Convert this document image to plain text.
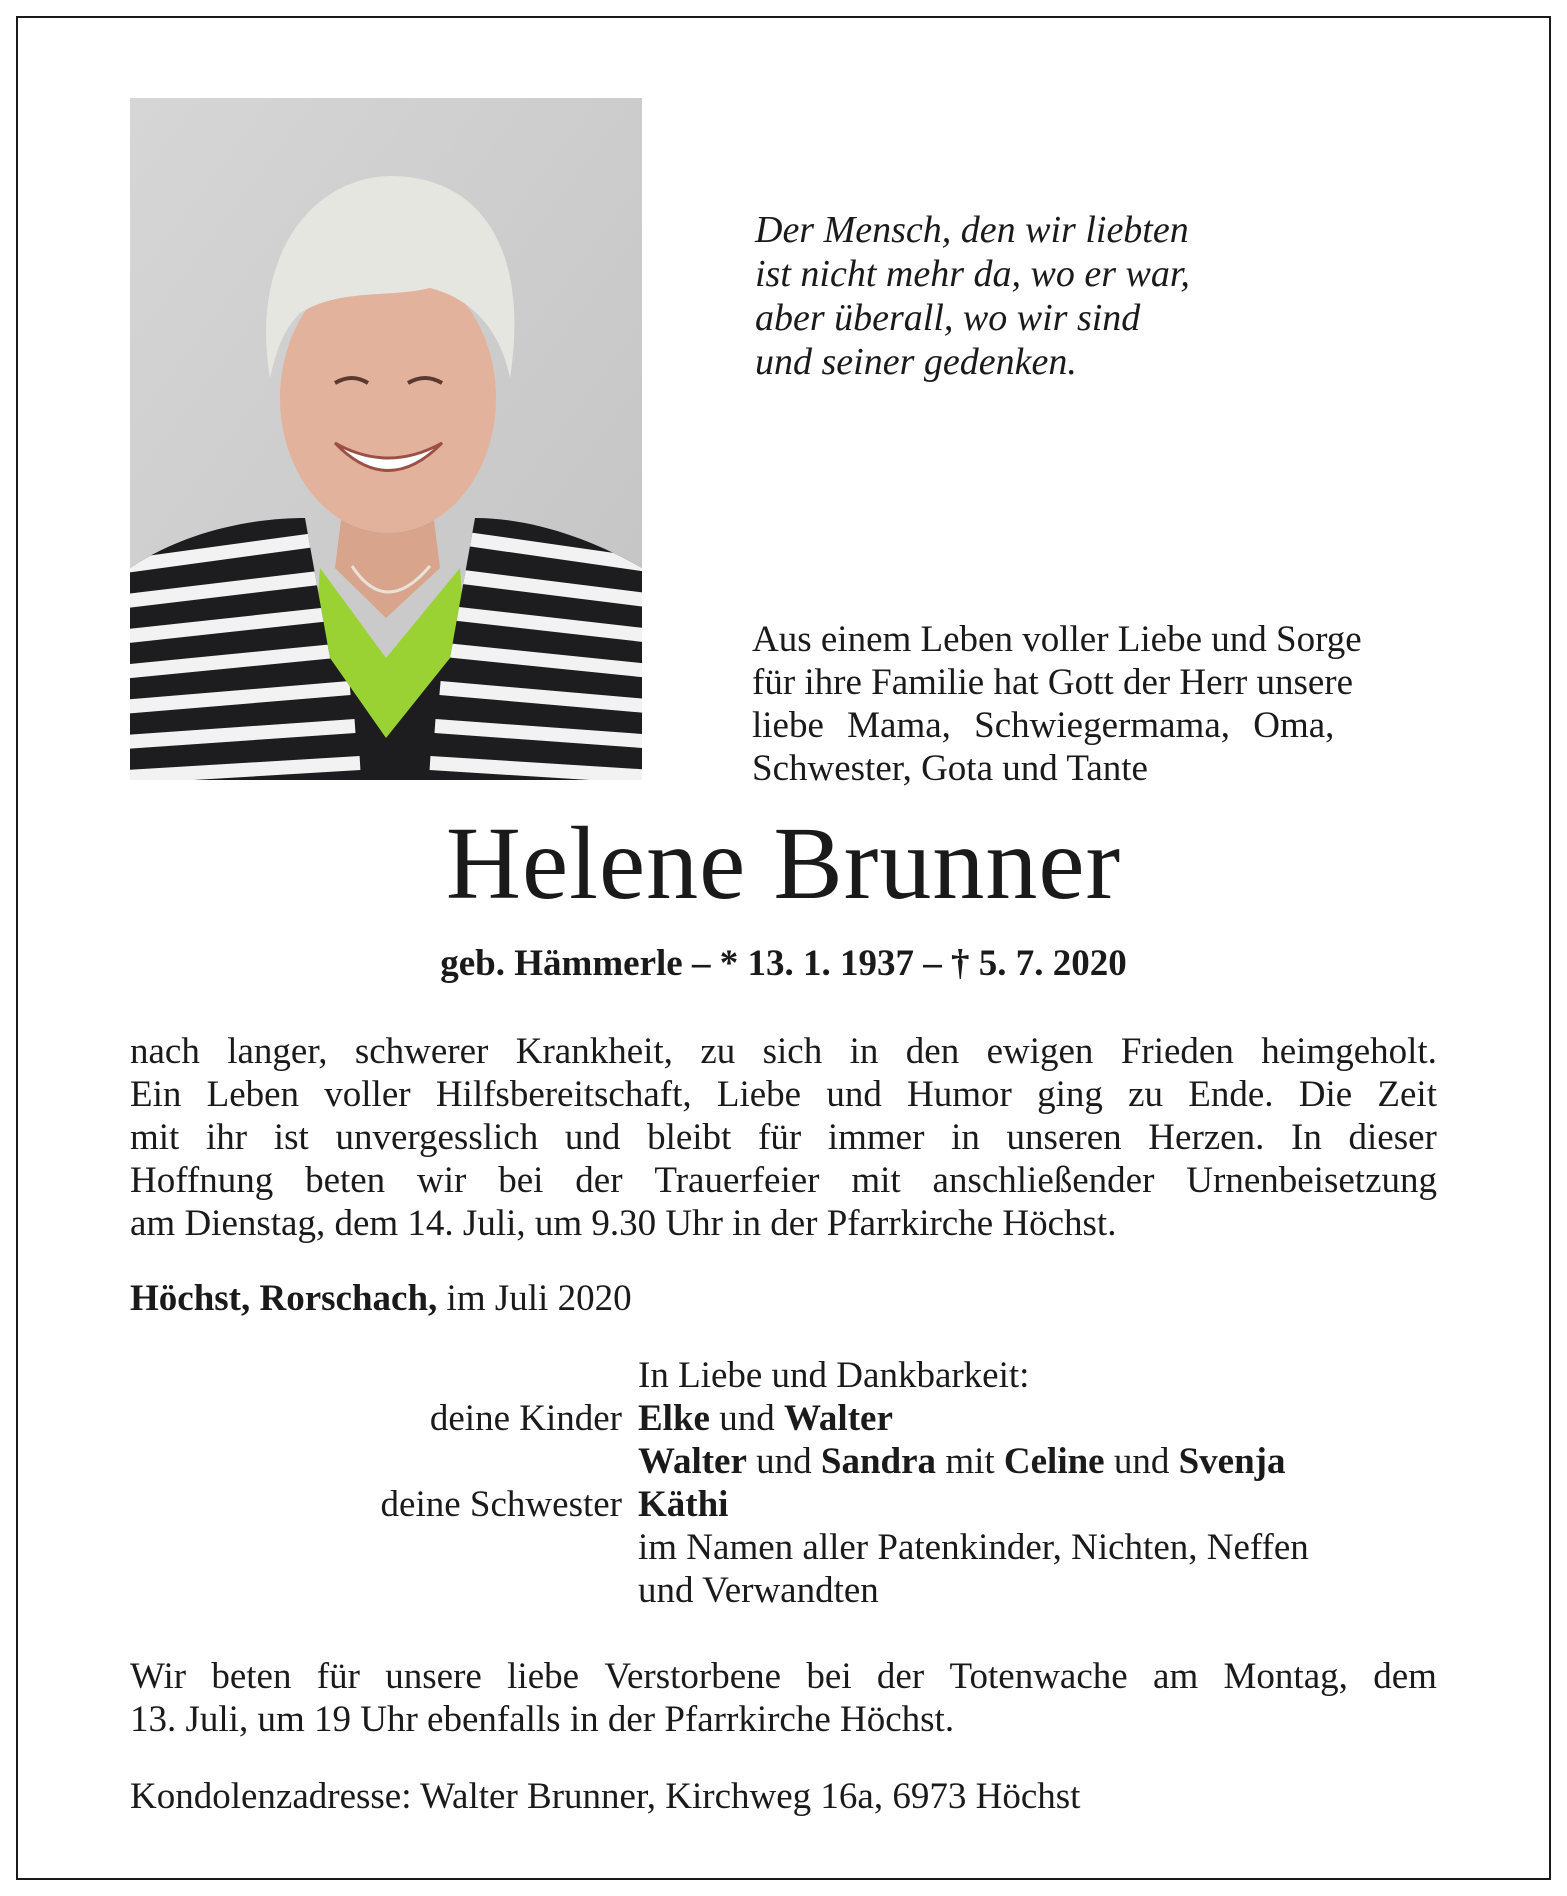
Der Mensch, den wir liebten
ist nicht mehr da, wo er war,
aber überall, wo wir sind
und seiner gedenken.
Aus einem Leben voller Liebe und Sorge
für ihre Familie hat Gott der Herr unsere
liebe Mama, Schwiegermama, Oma,
Schwester, Gota und Tante
Helene Brunner
geb. Hämmerle – * 13. 1. 1937 – † 5. 7. 2020
nach langer, schwerer Krankheit, zu sich in den ewigen Frieden heimgeholt.
Ein Leben voller Hilfsbereitschaft, Liebe und Humor ging zu Ende. Die Zeit
mit ihr ist unvergesslich und bleibt für immer in unseren Herzen. In dieser
Hoffnung beten wir bei der Trauerfeier mit anschließender Urnenbeisetzung
am Dienstag, dem 14. Juli, um 9.30 Uhr in der Pfarrkirche Höchst.
Höchst, Rorschach, im Juli 2020
In Liebe und Dankbarkeit:
deine Kinder Elke und Walter
Walter und Sandra mit Celine und Svenja
deine Schwester Käthi
im Namen aller Patenkinder, Nichten, Neffen
und Verwandten
Wir beten für unsere liebe Verstorbene bei der Totenwache am Montag, dem
13. Juli, um 19 Uhr ebenfalls in der Pfarrkirche Höchst.
Kondolenzadresse: Walter Brunner, Kirchweg 16a, 6973 Höchst
